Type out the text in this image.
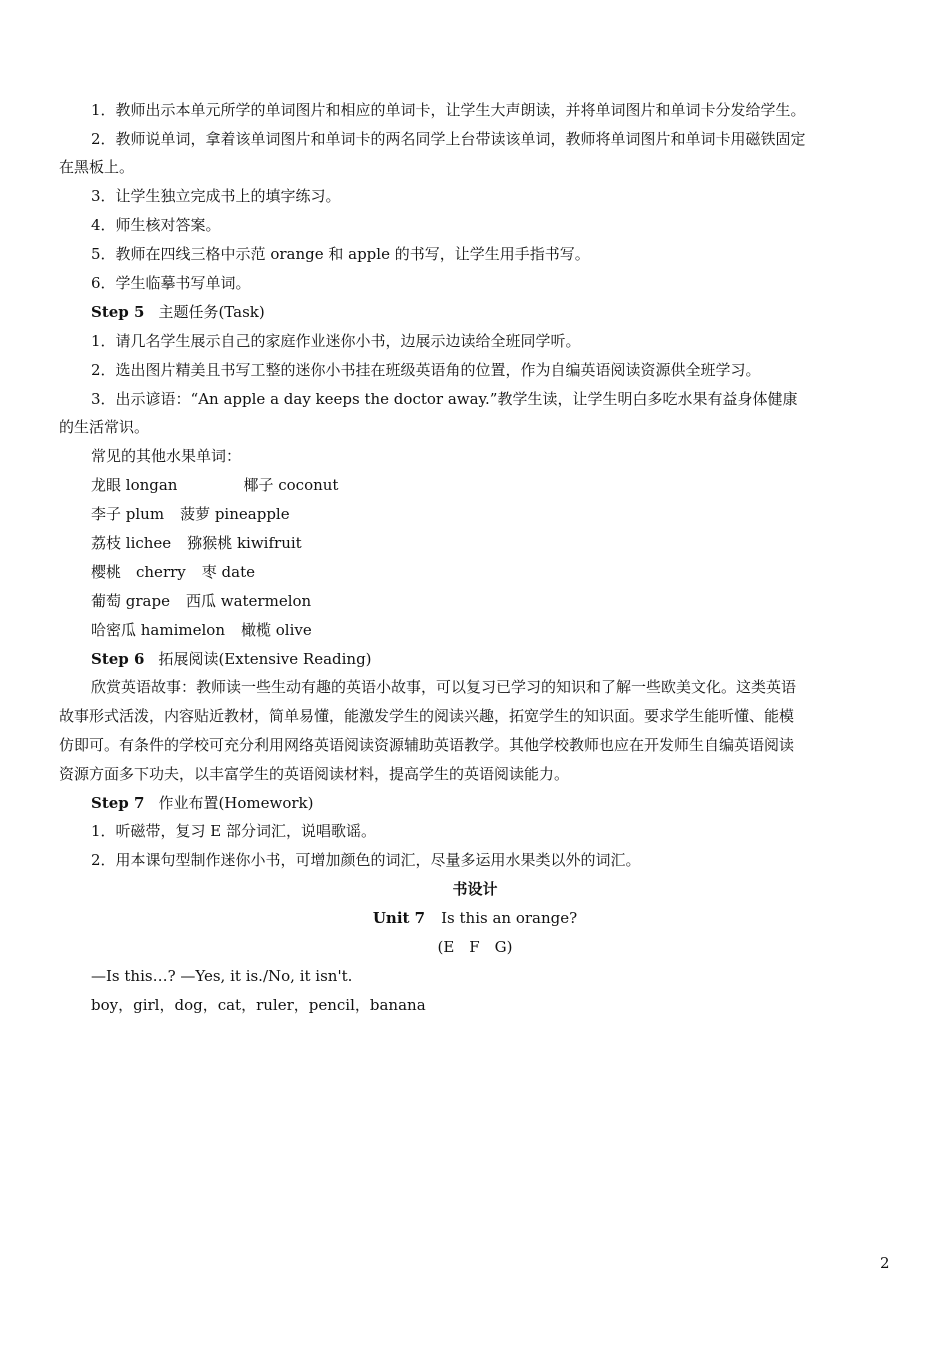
1．教师出示本单元所学的单词图片和相应的单词卡，让学生大声朗读，并将单词图片和单词卡分发给学生。
2．教师说单词，拿着该单词图片和单词卡的两名同学上台带读该单词，教师将单词图片和单词卡用磁铁固定
在黑板上。
3．让学生独立完成书上的填字练习。
4．师生核对答案。
5．教师在四线三格中示范 orange 和 apple 的书写，让学生用手指书写。
6．学生临摹书写单词。
Step 5 主题任务(Task)
1．请几名学生展示自己的家庭作业迷你小书，边展示边读给全班同学听。
2．选出图片精美且书写工整的迷你小书挂在班级英语角的位置，作为自编英语阅读资源供全班学习。
3．出示谚语：“An apple a day keeps the doctor away.”教学生读，让学生明白多吃水果有益身体健康
的生活常识。
常见的其他水果单词：
龙眼 longan	椰子 coconut
李子 plum 菠萝 pineapple
荔枝 lichee 猕猴桃 kiwifruit
樱桃　cherry 枣 date
葡萄 grape 西瓜 watermelon
哈密瓜 hamimelon 橄榄 olive
Step 6 拓展阅读(Extensive Reading)
欣赏英语故事：教师读一些生动有趣的英语小故事，可以复习已学习的知识和了解一些欧美文化。这类英语
故事形式活泼，内容贴近教材，简单易懂，能激发学生的阅读兴趣，拓宽学生的知识面。要求学生能听懂、能模
仿即可。有条件的学校可充分利用网络英语阅读资源辅助英语教学。其他学校教师也应在开发师生自编英语阅读
资源方面多下功夫，以丰富学生的英语阅读材料，提高学生的英语阅读能力。
Step 7 作业布置(Homework)
1．听磁带，复习 E 部分词汇，说唱歌谣。
2．用本课句型制作迷你小书，可增加颜色的词汇，尽量多运用水果类以外的词汇。
书设计
Unit 7 Is this an orange?
(E　F　G)
—Is this…? —Yes, it is./No, it isn't.
boy，girl，dog，cat，ruler，pencil，banana
2
